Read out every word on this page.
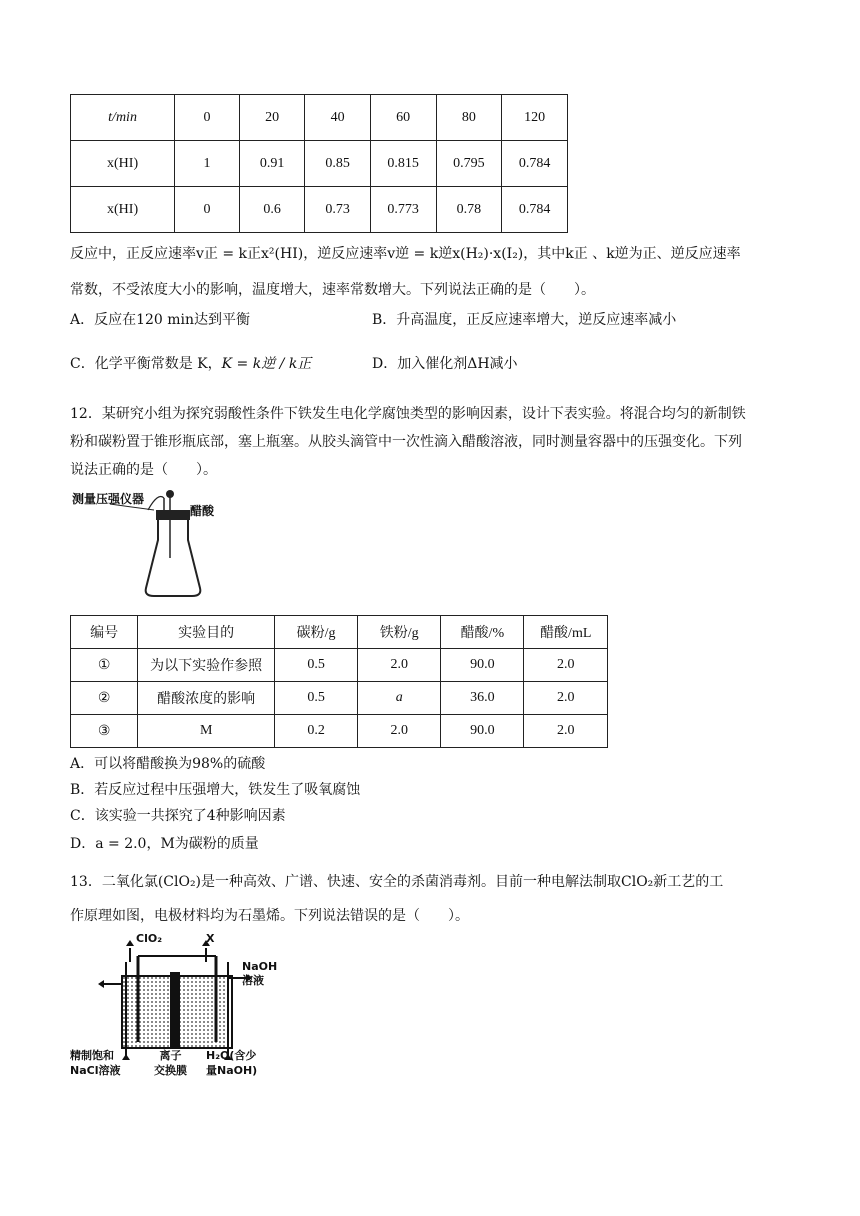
t/min	0	20	40	60	80	120
x(HI)	1	0.91	0.85	0.815	0.795	0.784
x(HI)	0	0.6	0.73	0.773	0.78	0.784
反应中，正反应速率v正 = k正x²(HI)，逆反应速率v逆 = k逆x(H₂)·x(I₂)，其中k正 、k逆为正、逆反应速率
常数，不受浓度大小的影响，温度增大，速率常数增大。下列说法正确的是（　　）。
A．反应在120 min达到平衡	B．升高温度，正反应速率增大，逆反应速率减小
C．化学平衡常数是 K，K = k逆 / k正	D．加入催化剂ΔH减小
12．某研究小组为探究弱酸性条件下铁发生电化学腐蚀类型的影响因素，设计下表实验。将混合均匀的新制铁
粉和碳粉置于锥形瓶底部，塞上瓶塞。从胶头滴管中一次性滴入醋酸溶液，同时测量容器中的压强变化。下列
说法正确的是（　　）。
测量压强仪器
醋酸
编号	实验目的	碳粉/g	铁粉/g	醋酸/%	醋酸/mL
①	为以下实验作参照	0.5	2.0	90.0	2.0
②	醋酸浓度的影响	0.5	a	36.0	2.0
③	M	0.2	2.0	90.0	2.0
A．可以将醋酸换为98%的硫酸
B．若反应过程中压强增大，铁发生了吸氧腐蚀
C．该实验一共探究了4种影响因素
D．a = 2.0，M为碳粉的质量
13．二氧化氯(ClO₂)是一种高效、广谱、快速、安全的杀菌消毒剂。目前一种电解法制取ClO₂新工艺的工
作原理如图，电极材料均为石墨烯。下列说法错误的是（　　）。
ClO₂	X
NaOH
溶液
精制饱和
NaCl溶液
离子
交换膜
H₂O(含少
量NaOH)
